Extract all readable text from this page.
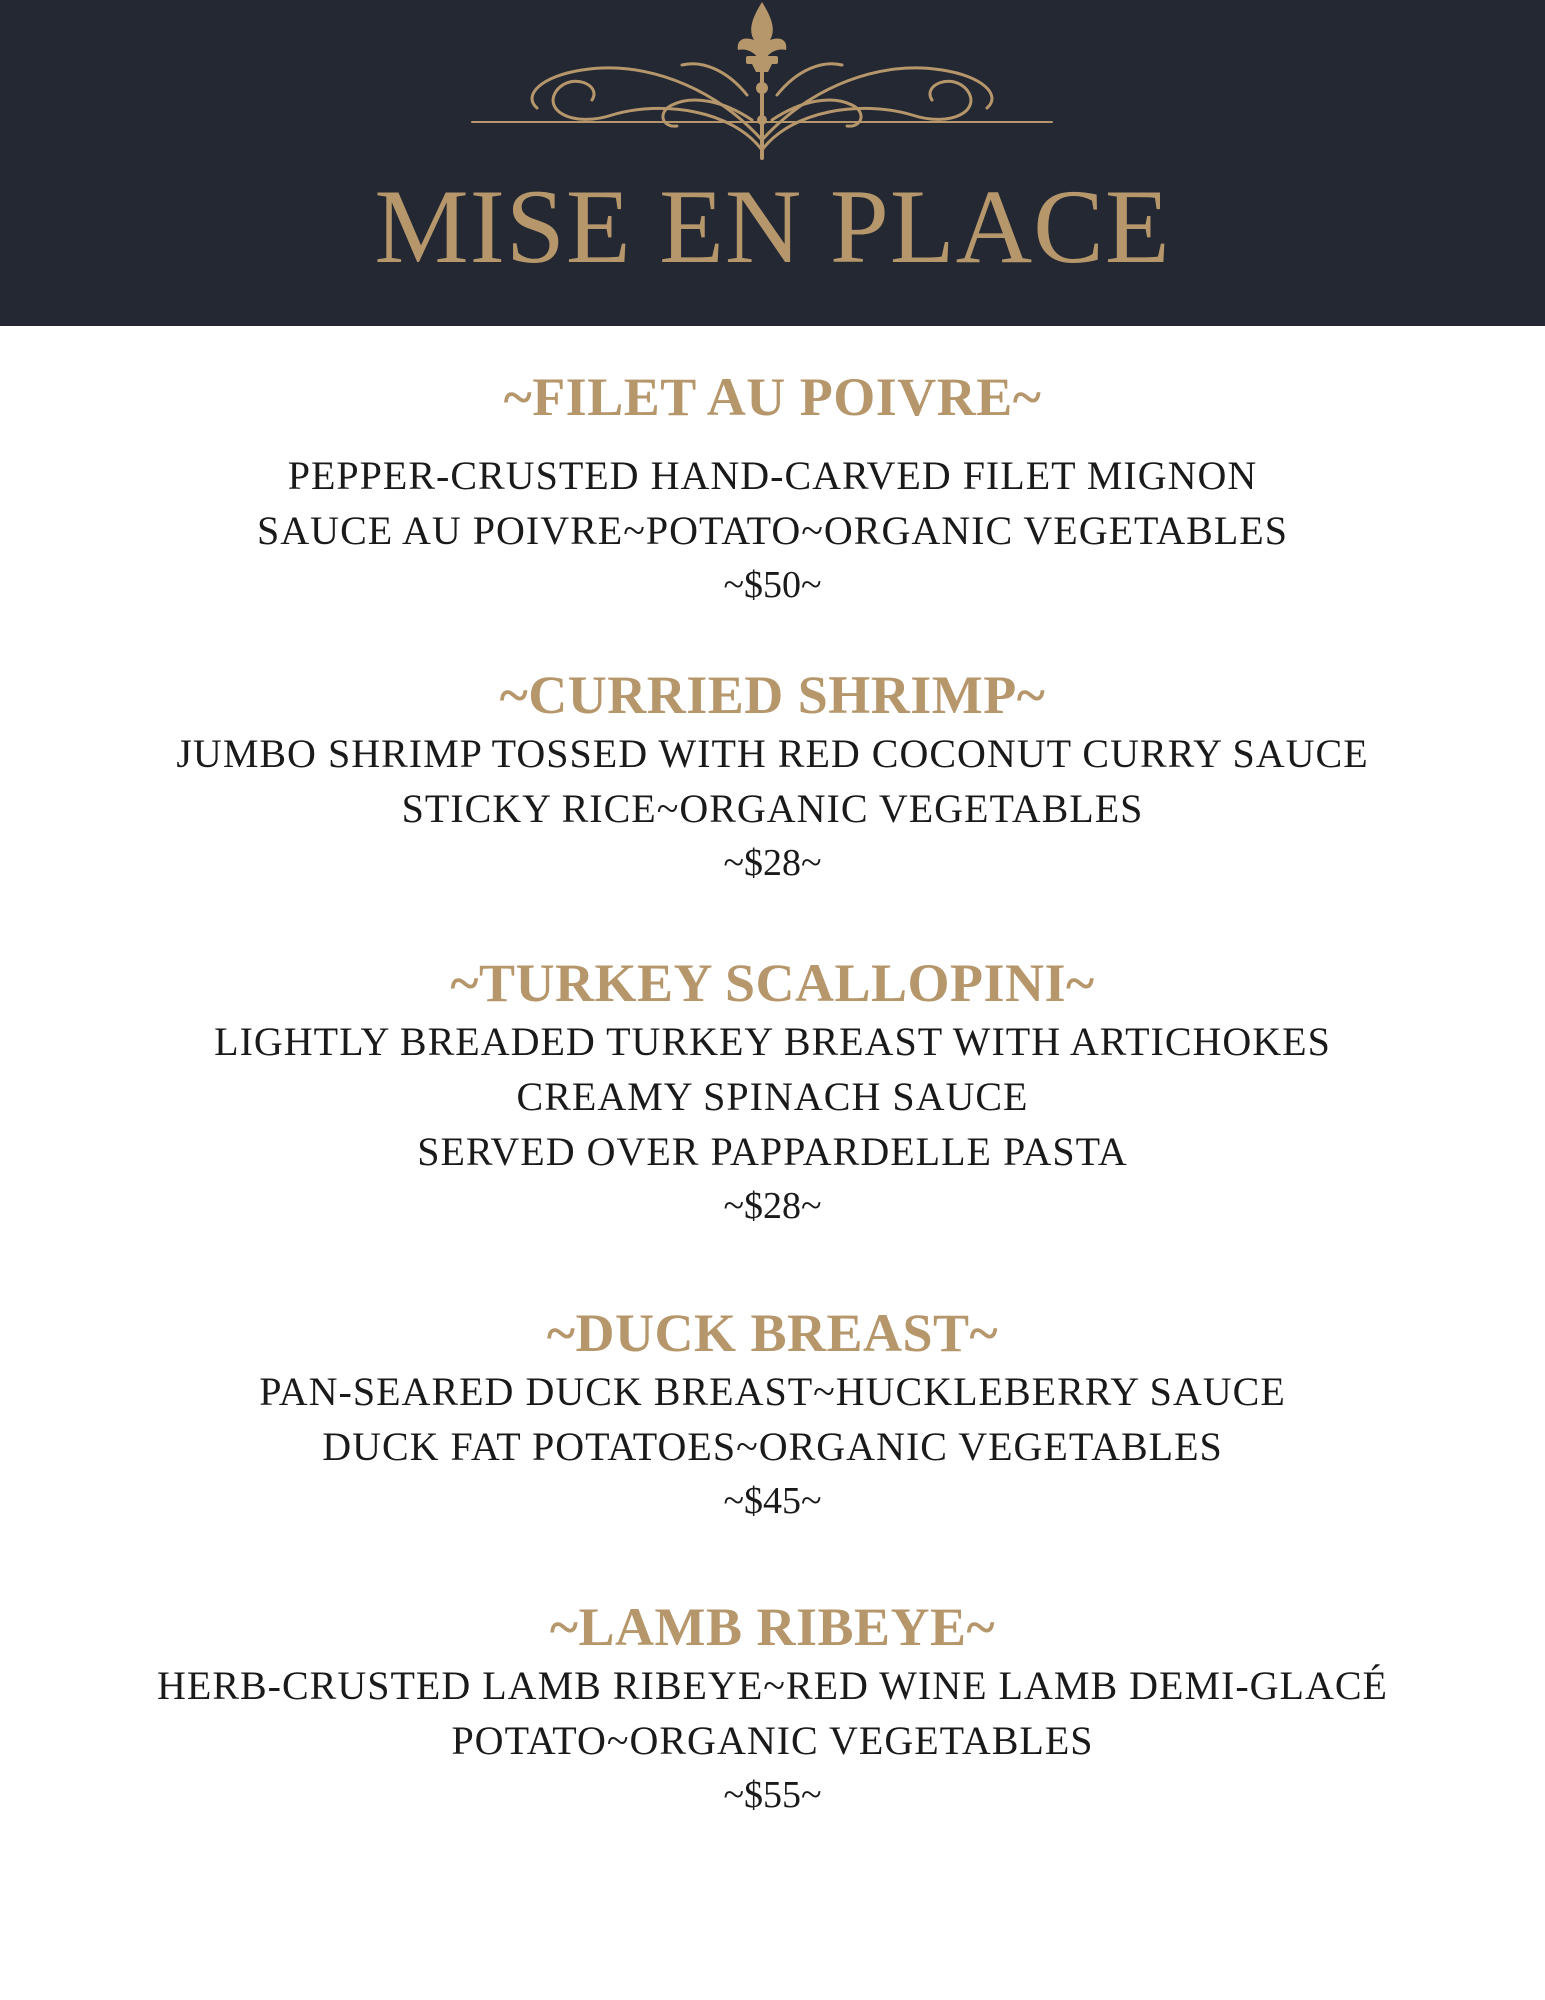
MISE EN PLACE
~FILET AU POIVRE~
PEPPER-CRUSTED HAND-CARVED FILET MIGNON
SAUCE AU POIVRE~POTATO~ORGANIC VEGETABLES
~$50~
~CURRIED SHRIMP~
JUMBO SHRIMP TOSSED WITH RED COCONUT CURRY SAUCE
STICKY RICE~ORGANIC VEGETABLES
~$28~
~TURKEY SCALLOPINI~
LIGHTLY BREADED TURKEY BREAST WITH ARTICHOKES
CREAMY SPINACH SAUCE
SERVED OVER PAPPARDELLE PASTA
~$28~
~DUCK BREAST~
PAN-SEARED DUCK BREAST~HUCKLEBERRY SAUCE
DUCK FAT POTATOES~ORGANIC VEGETABLES
~$45~
~LAMB RIBEYE~
HERB-CRUSTED LAMB RIBEYE~RED WINE LAMB DEMI-GLACÉ
POTATO~ORGANIC VEGETABLES
~$55~
